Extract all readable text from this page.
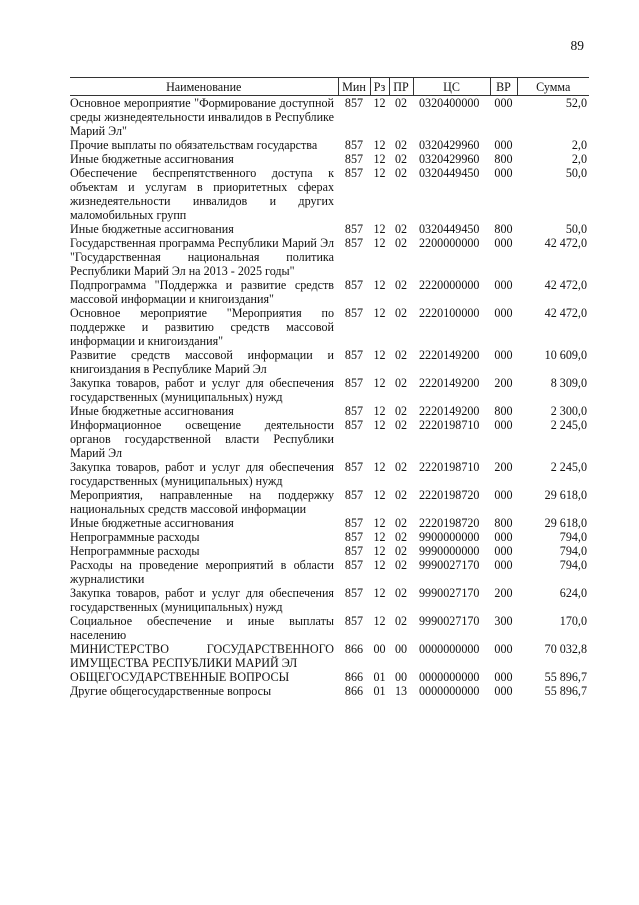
89
Наименование	Мин	Рз	ПР	ЦС	ВР	Сумма
Основное мероприятие "Формирование доступной среды жизнедеятельности инвалидов в Республике Марий Эл"	857	12	02	0320400000	000	52,0
Прочие выплаты по обязательствам государства	857	12	02	0320429960	000	2,0
Иные бюджетные ассигнования	857	12	02	0320429960	800	2,0
Обеспечение беспрепятственного доступа к объектам и услугам в приоритетных сферах жизнедеятельности инвалидов и других маломобильных групп	857	12	02	0320449450	000	50,0
Иные бюджетные ассигнования	857	12	02	0320449450	800	50,0
Государственная программа Республики Марий Эл "Государственная национальная политика Республики Марий Эл на 2013 - 2025 годы"	857	12	02	2200000000	000	42 472,0
Подпрограмма "Поддержка и развитие средств массовой информации и книгоиздания"	857	12	02	2220000000	000	42 472,0
Основное мероприятие "Мероприятия по поддержке и развитию средств массовой информации и книгоиздания"	857	12	02	2220100000	000	42 472,0
Развитие средств массовой информации и книгоиздания в Республике Марий Эл	857	12	02	2220149200	000	10 609,0
Закупка товаров, работ и услуг для обеспечения государственных (муниципальных) нужд	857	12	02	2220149200	200	8 309,0
Иные бюджетные ассигнования	857	12	02	2220149200	800	2 300,0
Информационное освещение деятельности органов государственной власти Республики Марий Эл	857	12	02	2220198710	000	2 245,0
Закупка товаров, работ и услуг для обеспечения государственных (муниципальных) нужд	857	12	02	2220198710	200	2 245,0
Мероприятия, направленные на поддержку национальных средств массовой информации	857	12	02	2220198720	000	29 618,0
Иные бюджетные ассигнования	857	12	02	2220198720	800	29 618,0
Непрограммные расходы	857	12	02	9900000000	000	794,0
Непрограммные расходы	857	12	02	9990000000	000	794,0
Расходы на проведение мероприятий в области журналистики	857	12	02	9990027170	000	794,0
Закупка товаров, работ и услуг для обеспечения государственных (муниципальных) нужд	857	12	02	9990027170	200	624,0
Социальное обеспечение и иные выплаты населению	857	12	02	9990027170	300	170,0
МИНИСТЕРСТВО ГОСУДАРСТВЕННОГО ИМУЩЕСТВА РЕСПУБЛИКИ МАРИЙ ЭЛ	866	00	00	0000000000	000	70 032,8
ОБЩЕГОСУДАРСТВЕННЫЕ ВОПРОСЫ	866	01	00	0000000000	000	55 896,7
Другие общегосударственные вопросы	866	01	13	0000000000	000	55 896,7
